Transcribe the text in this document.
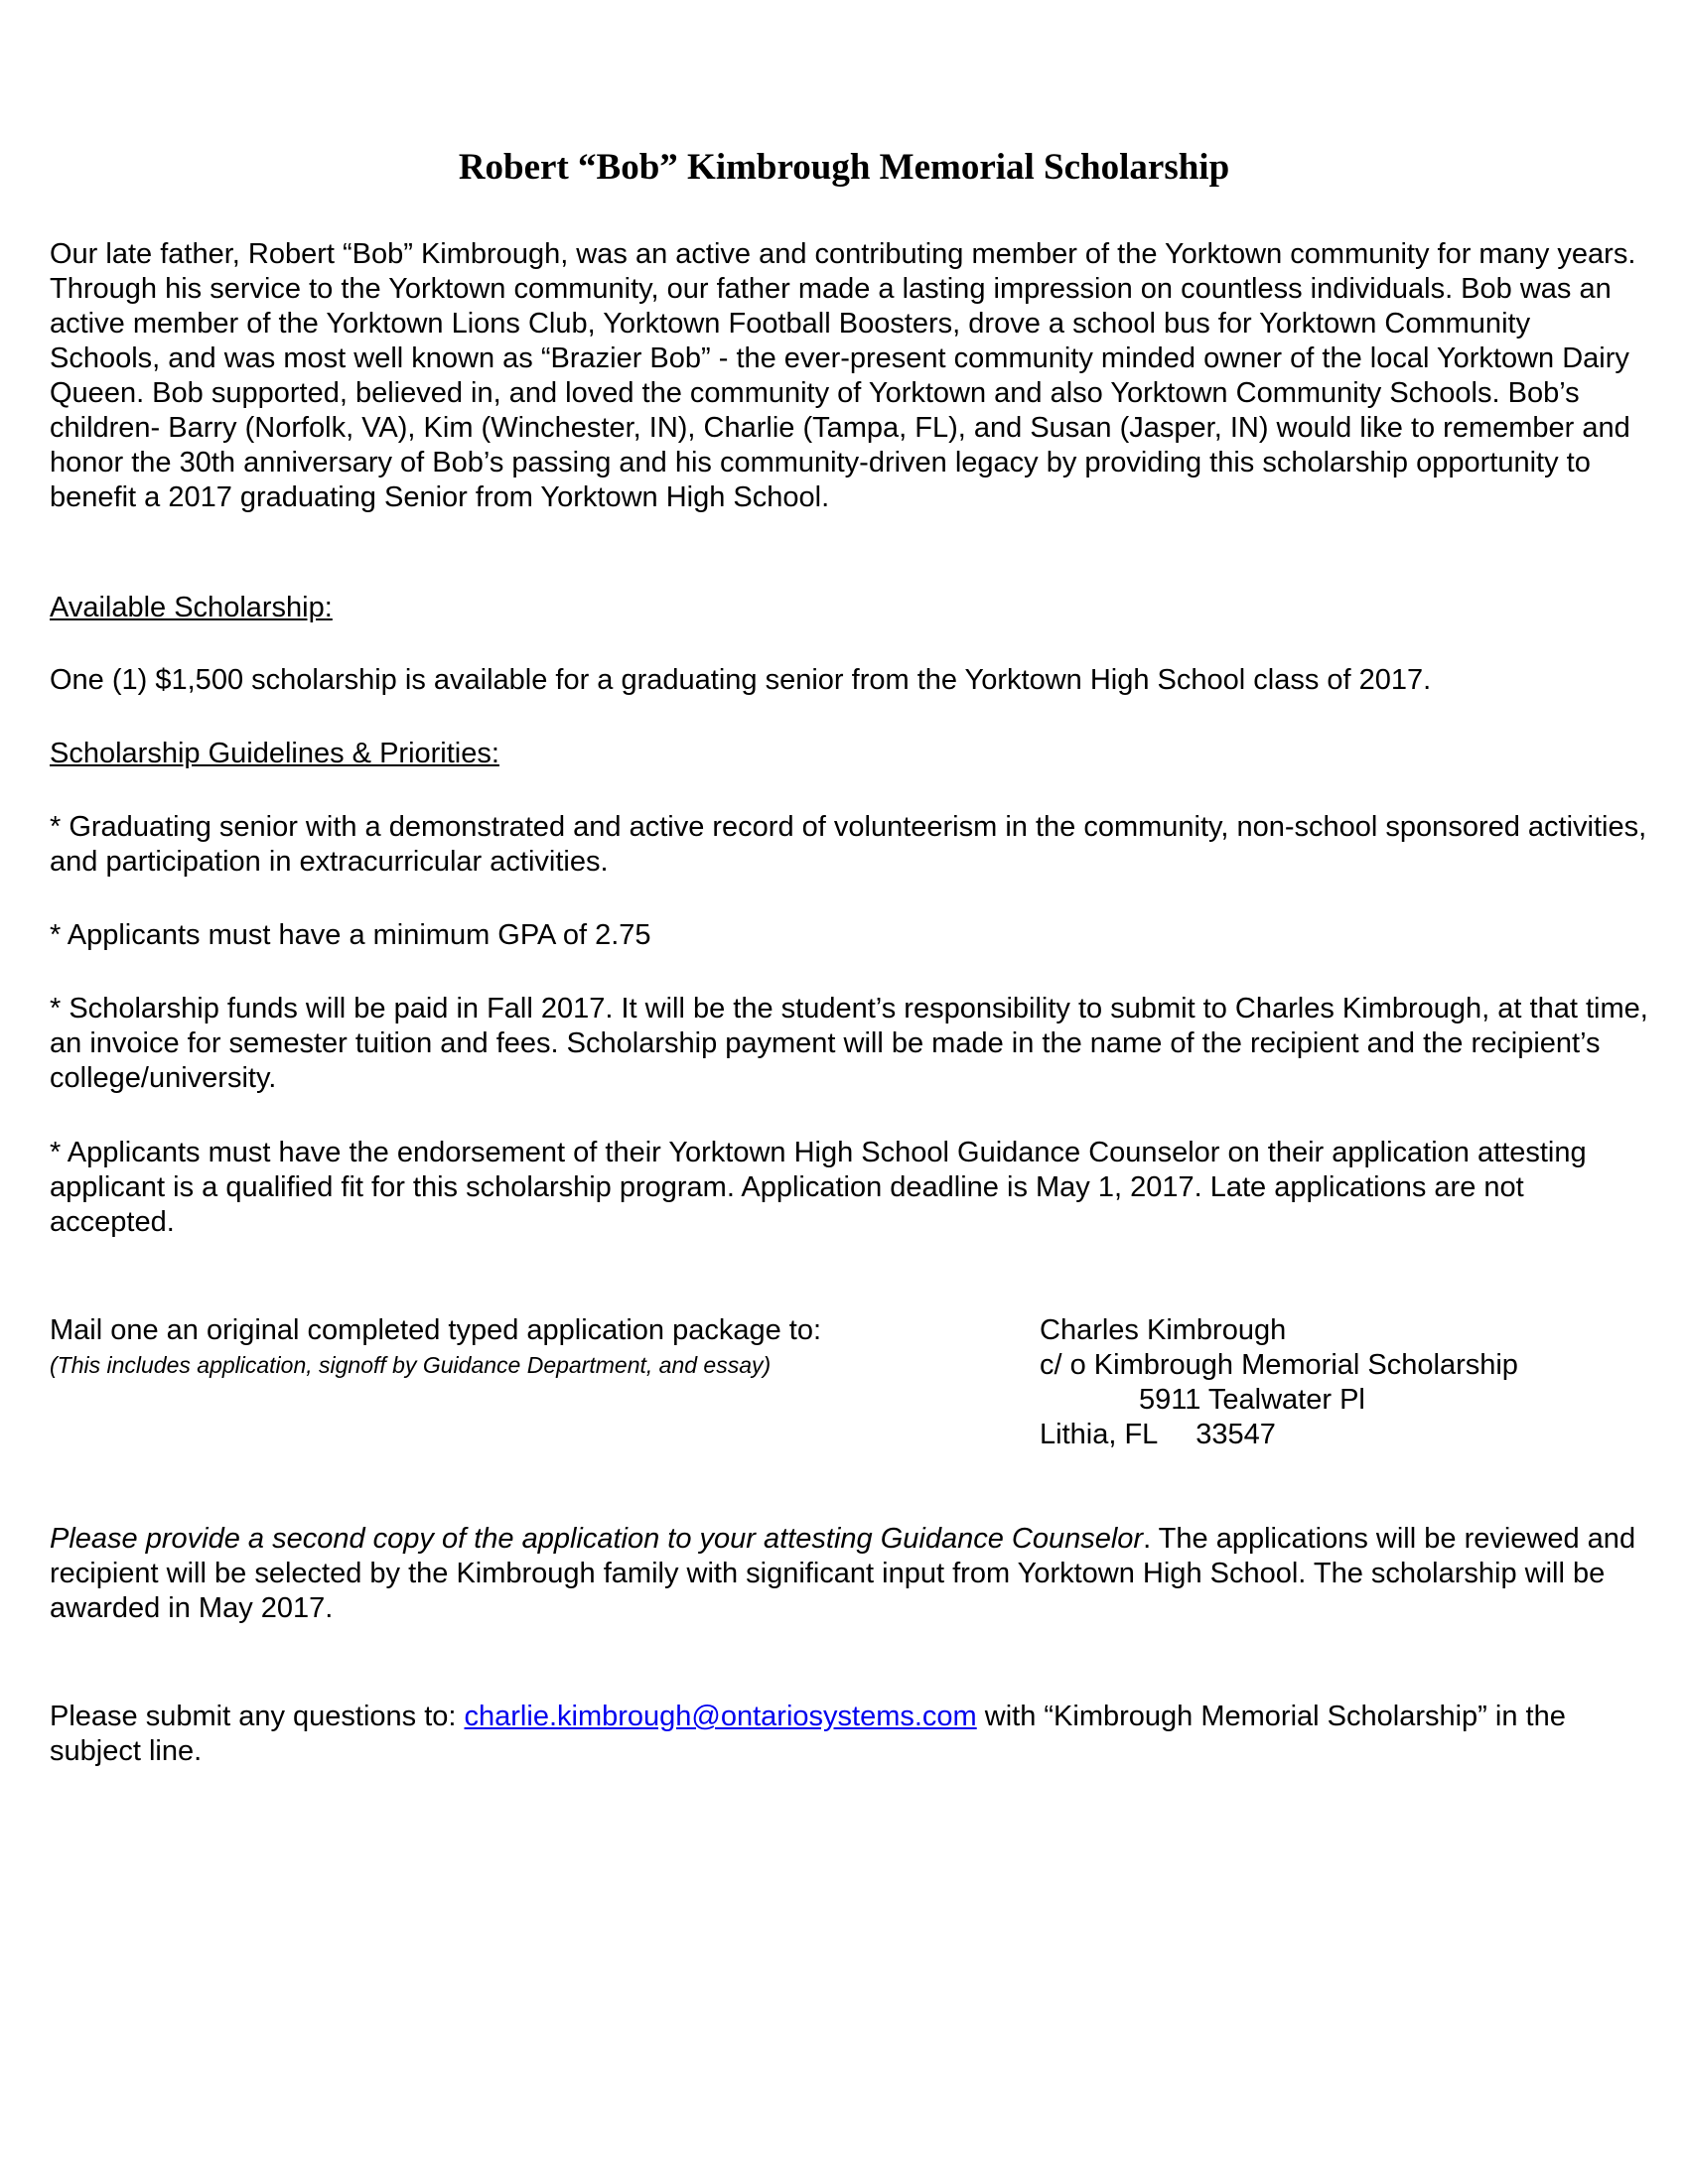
Robert “Bob” Kimbrough Memorial Scholarship

Our late father, Robert “Bob” Kimbrough, was an active and contributing member of the Yorktown community for many years. Through his service to the Yorktown community, our father made a lasting impression on countless individuals. Bob was an active member of the Yorktown Lions Club, Yorktown Football Boosters, drove a school bus for Yorktown Community Schools, and was most well known as “Brazier Bob” - the ever-present community minded owner of the local Yorktown Dairy Queen. Bob supported, believed in, and loved the community of Yorktown and also Yorktown Community Schools. Bob’s children- Barry (Norfolk, VA), Kim (Winchester, IN), Charlie (Tampa, FL), and Susan (Jasper, IN) would like to remember and honor the 30th anniversary of Bob’s passing and his community-driven legacy by providing this scholarship opportunity to benefit a 2017 graduating Senior from Yorktown High School.

Available Scholarship:

One (1) $1,500 scholarship is available for a graduating senior from the Yorktown High School class of 2017.

Scholarship Guidelines & Priorities:

* Graduating senior with a demonstrated and active record of volunteerism in the community, non-school sponsored activities, and participation in extracurricular activities.

* Applicants must have a minimum GPA of 2.75

* Scholarship funds will be paid in Fall 2017. It will be the student’s responsibility to submit to Charles Kimbrough, at that time, an invoice for semester tuition and fees. Scholarship payment will be made in the name of the recipient and the recipient’s college/university.

* Applicants must have the endorsement of their Yorktown High School Guidance Counselor on their application attesting applicant is a qualified fit for this scholarship program. Application deadline is May 1, 2017. Late applications are not accepted.

Mail one an original completed typed application package to:

(This includes application, signoff by Guidance Department, and essay)

Charles Kimbrough
c/ o Kimbrough Memorial Scholarship
5911 Tealwater Pl
Lithia, FL 33547

Please provide a second copy of the application to your attesting Guidance Counselor. The applications will be reviewed and recipient will be selected by the Kimbrough family with significant input from Yorktown High School. The scholarship will be awarded in May 2017.

Please submit any questions to: charlie.kimbrough@ontariosystems.com with “Kimbrough Memorial Scholarship” in the subject line.
